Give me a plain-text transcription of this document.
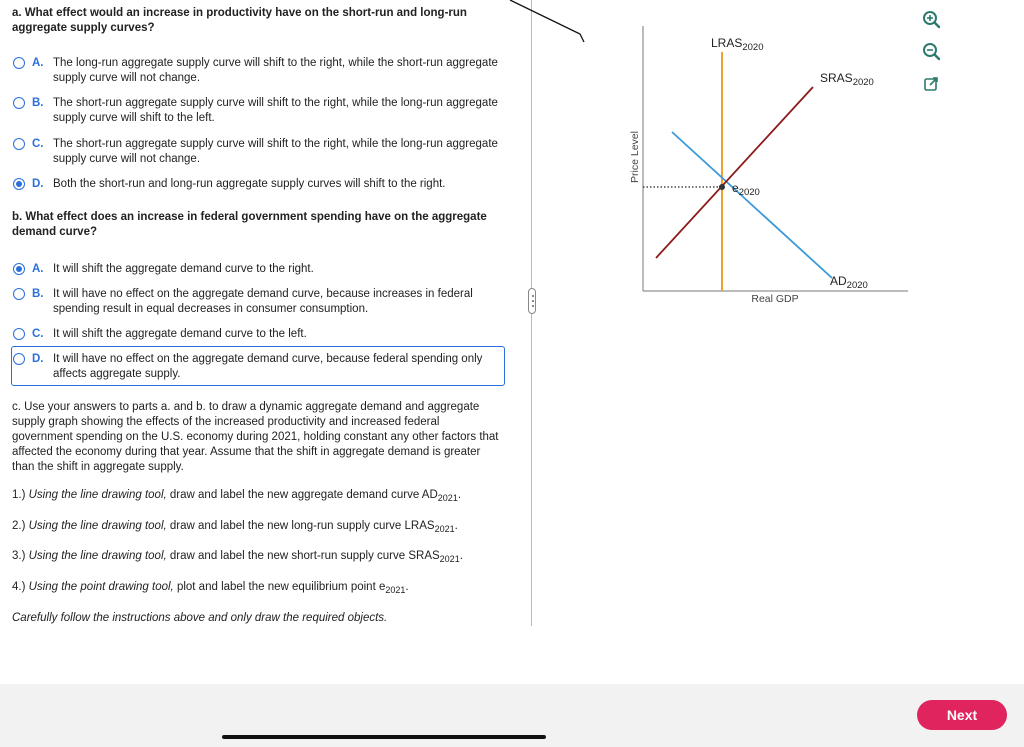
a. What effect would an increase in productivity have on the short-run and long-run aggregate supply curves?
A. The long-run aggregate supply curve will shift to the right, while the short-run aggregate supply curve will not change.
B. The short-run aggregate supply curve will shift to the right, while the long-run aggregate supply curve will shift to the left.
C. The short-run aggregate supply curve will shift to the right, while the long-run aggregate supply curve will not change.
D. Both the short-run and long-run aggregate supply curves will shift to the right.
b. What effect does an increase in federal government spending have on the aggregate demand curve?
A. It will shift the aggregate demand curve to the right.
B. It will have no effect on the aggregate demand curve, because increases in federal spending result in equal decreases in consumer consumption.
C. It will shift the aggregate demand curve to the left.
D. It will have no effect on the aggregate demand curve, because federal spending only affects aggregate supply.
c. Use your answers to parts a. and b. to draw a dynamic aggregate demand and aggregate supply graph showing the effects of the increased productivity and increased federal government spending on the U.S. economy during 2021, holding constant any other factors that affected the economy during that year. Assume that the shift in aggregate demand is greater than the shift in aggregate supply.
1.) Using the line drawing tool, draw and label the new aggregate demand curve $AD_{2021}$.
2.) Using the line drawing tool, draw and label the new long-run supply curve $LRAS_{2021}$.
3.) Using the line drawing tool, draw and label the new short-run supply curve $SRAS_{2021}$.
4.) Using the point drawing tool, plot and label the new equilibrium point $e_{2021}$.
Carefully follow the instructions above and only draw the required objects.
Price Level
Real GDP
$LRAS_{2020}$
$SRAS_{2020}$
$AD_{2020}$
$e_{2020}$
Next
